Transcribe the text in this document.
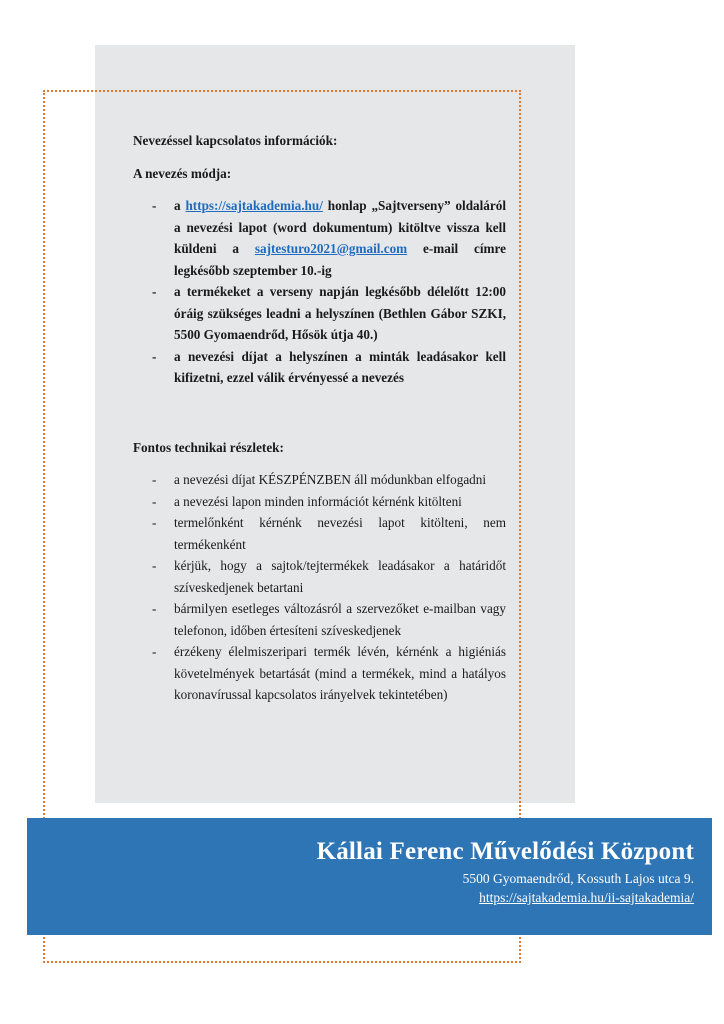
Nevezéssel kapcsolatos információk:

A nevezés módja:

- a https://sajtakademia.hu/ honlap „Sajtverseny” oldaláról a nevezési lapot (word dokumentum) kitöltve vissza kell küldeni a sajtesturo2021@gmail.com e-mail címre legkésőbb szeptember 10.-ig
- a termékeket a verseny napján legkésőbb délelőtt 12:00 óráig szükséges leadni a helyszínen (Bethlen Gábor SZKI, 5500 Gyomaendrőd, Hősök útja 40.)
- a nevezési díjat a helyszínen a minták leadásakor kell kifizetni, ezzel válik érvényessé a nevezés

Fontos technikai részletek:

- a nevezési díjat KÉSZPÉNZBEN áll módunkban elfogadni
- a nevezési lapon minden információt kérnénk kitölteni
- termelőnként kérnénk nevezési lapot kitölteni, nem termékenként
- kérjük, hogy a sajtok/tejtermékek leadásakor a határidőt szíveskedjenek betartani
- bármilyen esetleges változásról a szervezőket e-mailban vagy telefonon, időben értesíteni szíveskedjenek
- érzékeny élelmiszeripari termék lévén, kérnénk a higiéniás követelmények betartását (mind a termékek, mind a hatályos koronavírussal kapcsolatos irányelvek tekintetében)
Kállai Ferenc Művelődési Központ
5500 Gyomaendrőd, Kossuth Lajos utca 9.
https://sajtakademia.hu/ii-sajtakademia/
